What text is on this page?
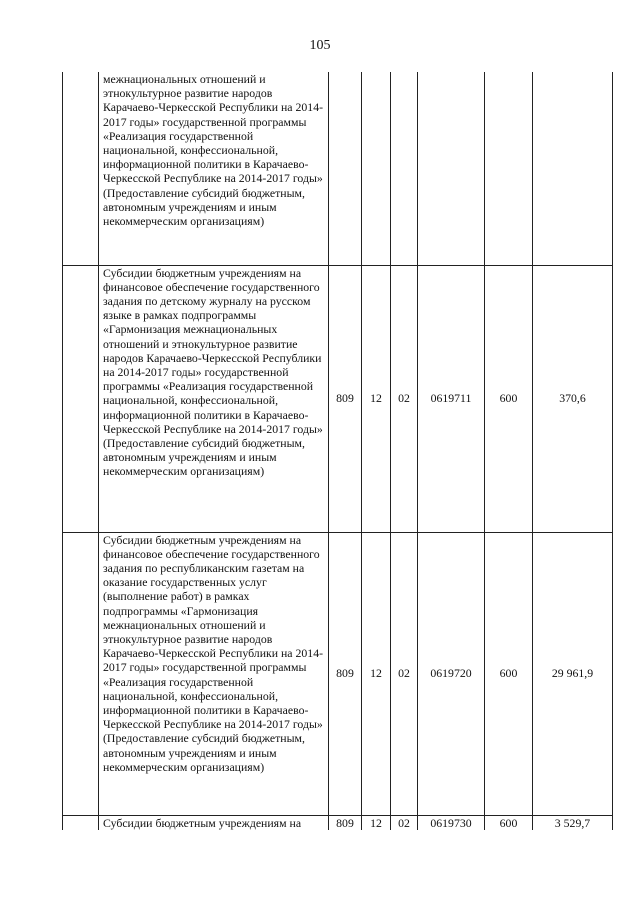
105
	межнациональных отношений и этнокультурное развитие народов Карачаево-Черкесской Республики на 2014-2017 годы» государственной программы «Реализация государственной национальной, конфессиональной, информационной политики в Карачаево-Черкесской Республике на 2014-2017 годы» (Предоставление субсидий бюджетным, автономным учреждениям и иным некоммерческим организациям)						
	Субсидии бюджетным учреждениям на финансовое обеспечение государственного задания по детскому журналу на русском языке в рамках подпрограммы «Гармонизация межнациональных отношений и этнокультурное развитие народов Карачаево-Черкесской Республики на 2014-2017 годы» государственной программы «Реализация государственной национальной, конфессиональной, информационной политики в Карачаево-Черкесской Республике на 2014-2017 годы» (Предоставление субсидий бюджетным, автономным учреждениям и иным некоммерческим организациям)	809	12	02	0619711	600	370,6
	Субсидии бюджетным учреждениям на финансовое обеспечение государственного задания по республиканским газетам на оказание государственных услуг (выполнение работ) в рамках подпрограммы «Гармонизация межнациональных отношений и этнокультурное развитие народов Карачаево-Черкесской Республики на 2014-2017 годы» государственной программы «Реализация государственной национальной, конфессиональной, информационной политики в Карачаево-Черкесской Республике на 2014-2017 годы» (Предоставление субсидий бюджетным, автономным учреждениям и иным некоммерческим организациям)	809	12	02	0619720	600	29 961,9
	Субсидии бюджетным учреждениям на	809	12	02	0619730	600	3 529,7
